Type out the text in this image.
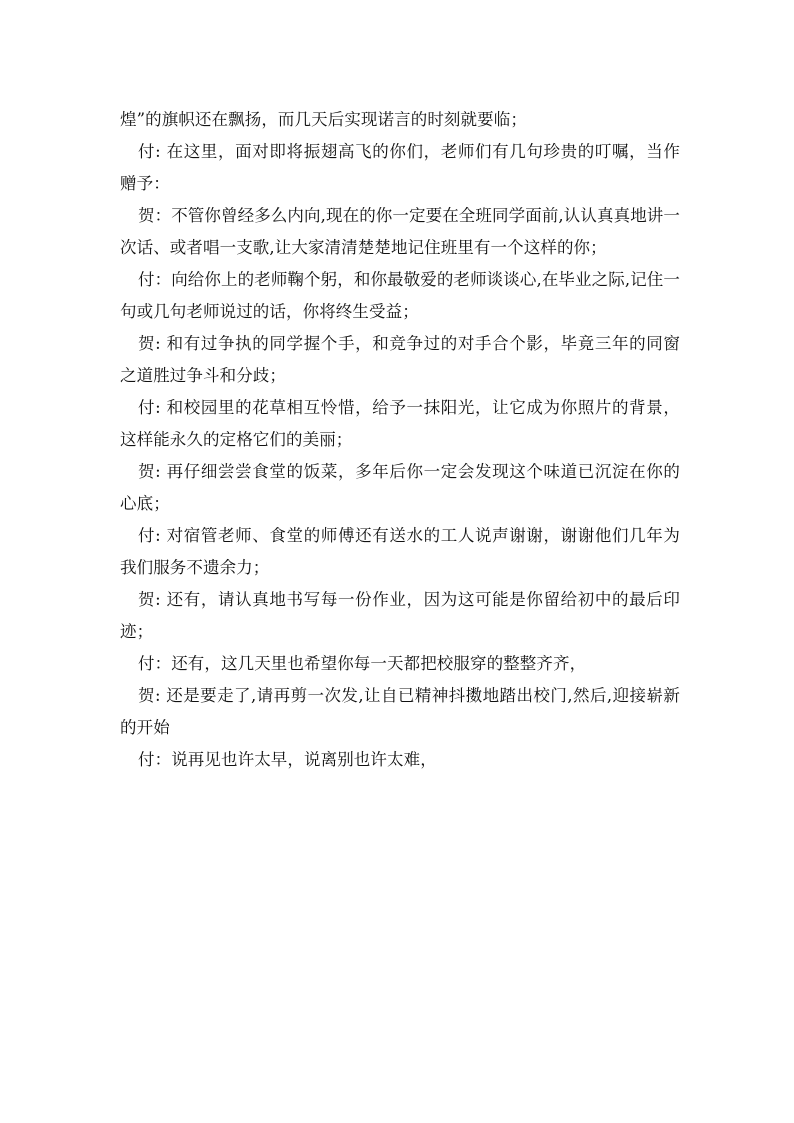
煌”的旗帜还在飘扬，而几天后实现诺言的时刻就要临；

付: 在这里，面对即将振翅高飞的你们，老师们有几句珍贵的叮嘱，当作赠予：

贺：不管你曾经多么内向,现在的你一定要在全班同学面前,认认真真地讲一次话、或者唱一支歌,让大家清清楚楚地记住班里有一个这样的你；

付：向给你上的老师鞠个躬，和你最敬爱的老师谈谈心,在毕业之际,记住一句或几句老师说过的话，你将终生受益；

贺: 和有过争执的同学握个手，和竞争过的对手合个影，毕竟三年的同窗之道胜过争斗和分歧；

付: 和校园里的花草相互怜惜，给予一抹阳光，让它成为你照片的背景，这样能永久的定格它们的美丽；

贺: 再仔细尝尝食堂的饭菜，多年后你一定会发现这个味道已沉淀在你的心底；

付: 对宿管老师、食堂的师傅还有送水的工人说声谢谢，谢谢他们几年为我们服务不遗余力；

贺: 还有，请认真地书写每一份作业，因为这可能是你留给初中的最后印迹；

付：还有，这几天里也希望你每一天都把校服穿的整整齐齐，

贺: 还是要走了,请再剪一次发,让自已精神抖擞地踏出校门,然后,迎接崭新的开始

付：说再见也许太早，说离别也许太难，
